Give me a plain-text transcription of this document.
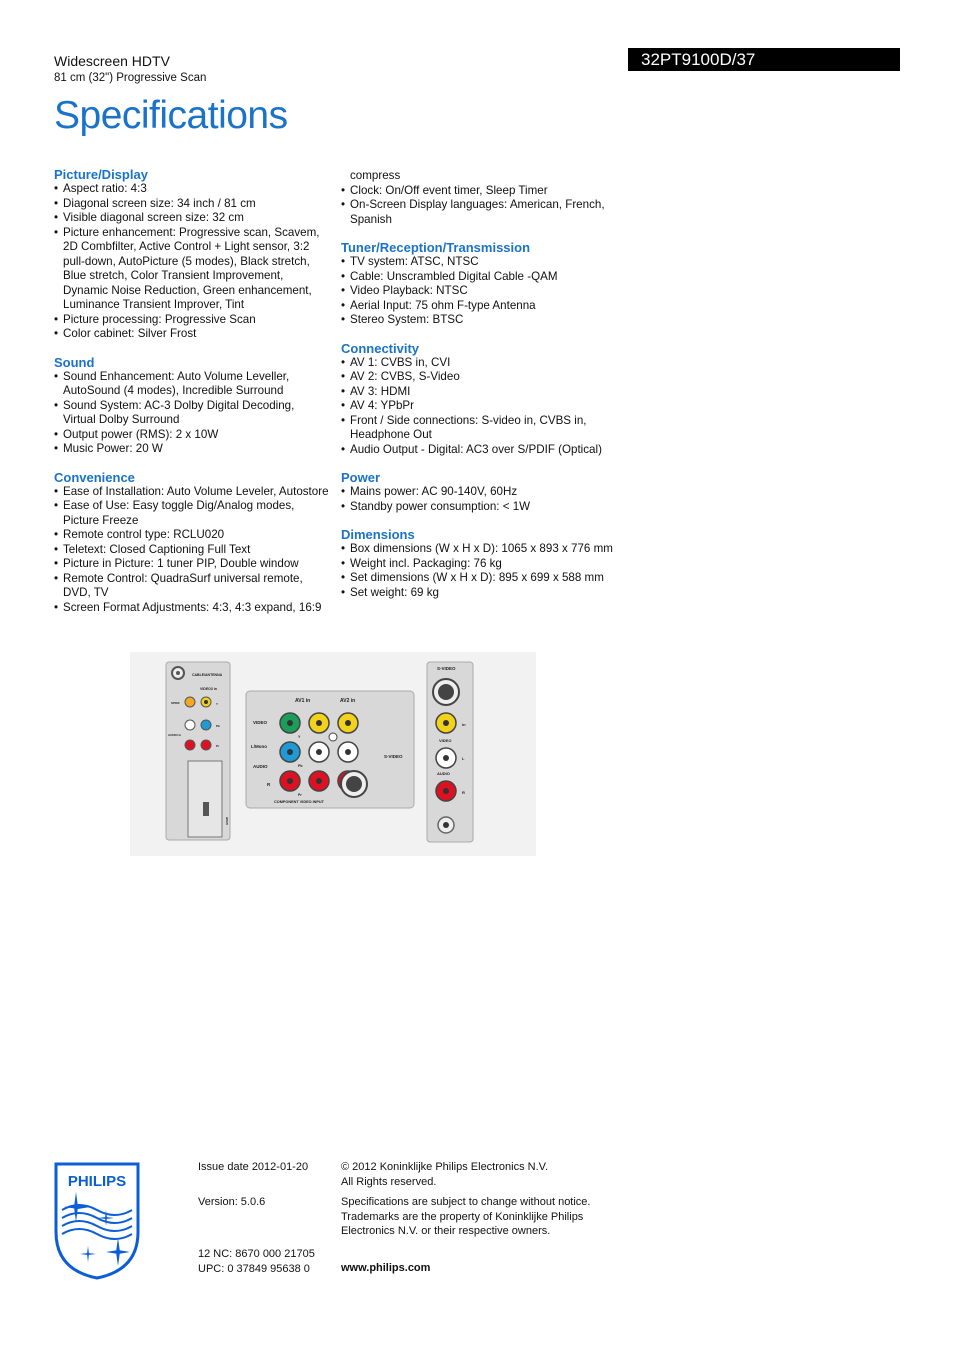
Widescreen HDTV
81 cm (32") Progressive Scan
Specifications
32PT9100D/37
Picture/Display
• Aspect ratio: 4:3
• Diagonal screen size: 34 inch / 81 cm
• Visible diagonal screen size: 32 cm
• Picture enhancement: Progressive scan, Scavem, 2D Combfilter, Active Control + Light sensor, 3:2 pull-down, AutoPicture (5 modes), Black stretch, Blue stretch, Color Transient Improvement, Dynamic Noise Reduction, Green enhancement, Luminance Transient Improver, Tint
• Picture processing: Progressive Scan
• Color cabinet: Silver Frost
Sound
• Sound Enhancement: Auto Volume Leveller, AutoSound (4 modes), Incredible Surround
• Sound System: AC-3 Dolby Digital Decoding, Virtual Dolby Surround
• Output power (RMS): 2 x 10W
• Music Power: 20 W
Convenience
• Ease of Installation: Auto Volume Leveler, Autostore
• Ease of Use: Easy toggle Dig/Analog modes, Picture Freeze
• Remote control type: RCLU020
• Teletext: Closed Captioning Full Text
• Picture in Picture: 1 tuner PIP, Double window
• Remote Control: QuadraSurf universal remote, DVD, TV
• Screen Format Adjustments: 4:3, 4:3 expand, 16:9
compress
• Clock: On/Off event timer, Sleep Timer
• On-Screen Display languages: American, French, Spanish
Tuner/Reception/Transmission
• TV system: ATSC, NTSC
• Cable: Unscrambled Digital Cable -QAM
• Video Playback: NTSC
• Aerial Input: 75 ohm F-type Antenna
• Stereo System: BTSC
Connectivity
• AV 1: CVBS in, CVI
• AV 2: CVBS, S-Video
• AV 3: HDMI
• AV 4: YPbPr
• Front / Side connections: S-video in, CVBS in, Headphone Out
• Audio Output - Digital: AC3 over S/PDIF (Optical)
Power
• Mains power: AC 90-140V, 60Hz
• Standby power consumption: < 1W
Dimensions
• Box dimensions (W x H x D): 1065 x 893 x 776 mm
• Weight incl. Packaging: 76 kg
• Set dimensions (W x H x D): 895 x 699 x 588 mm
• Set weight: 69 kg
CABLE/ANTENNA
VIDEO3 in
SPDIF
AUDIO in
Y
Pb
Pr
HDMI
AV1 in	AV2 in
VIDEO
L/Mono
AUDIO
R
Y
Pb
Pr
S-VIDEO
COMPONENT VIDEO INPUT
S-VIDEO
in
VIDEO
L
AUDIO
R
PHILIPS
Issue date 2012-01-20
Version: 5.0.6
12 NC: 8670 000 21705
UPC: 0 37849 95638 0
© 2012 Koninklijke Philips Electronics N.V.
All Rights reserved.
Specifications are subject to change without notice. Trademarks are the property of Koninklijke Philips Electronics N.V. or their respective owners.
www.philips.com
